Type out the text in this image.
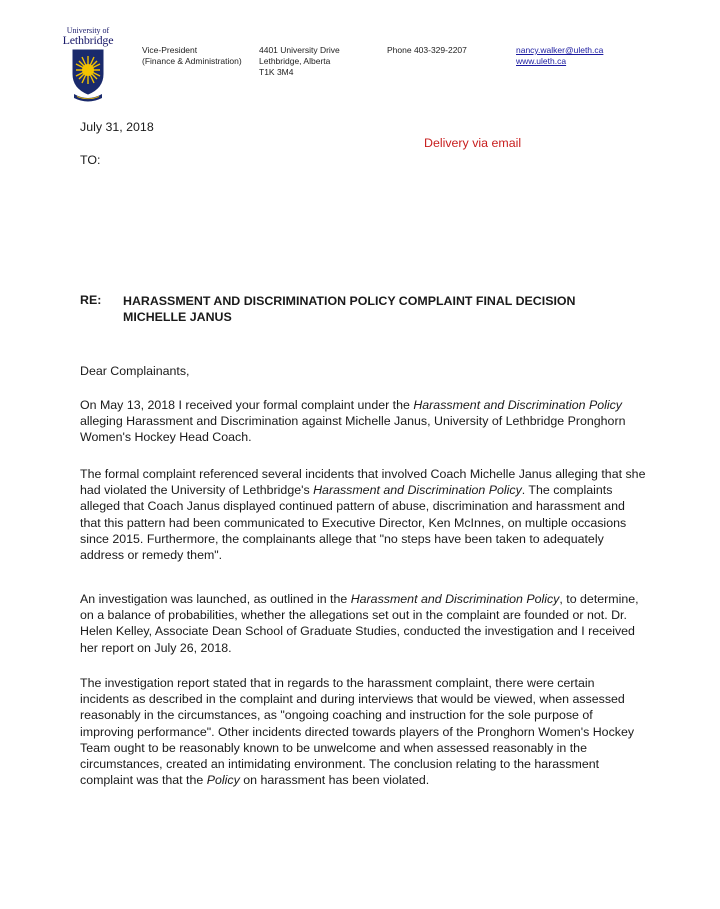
University of
Lethbridge
Vice-President
(Finance & Administration)
4401 University Drive
Lethbridge, Alberta
T1K 3M4
Phone 403-329-2207	nancy.walker@uleth.ca
www.uleth.ca
July 31, 2018
Delivery via email
TO:
RE: HARASSMENT AND DISCRIMINATION POLICY COMPLAINT FINAL DECISION
MICHELLE JANUS
Dear Complainants,
On May 13, 2018 I received your formal complaint under the Harassment and Discrimination Policy alleging Harassment and Discrimination against Michelle Janus, University of Lethbridge Pronghorn Women's Hockey Head Coach.
The formal complaint referenced several incidents that involved Coach Michelle Janus alleging that she had violated the University of Lethbridge's Harassment and Discrimination Policy. The complaints alleged that Coach Janus displayed continued pattern of abuse, discrimination and harassment and that this pattern had been communicated to Executive Director, Ken McInnes, on multiple occasions since 2015. Furthermore, the complainants allege that "no steps have been taken to adequately address or remedy them".
An investigation was launched, as outlined in the Harassment and Discrimination Policy, to determine, on a balance of probabilities, whether the allegations set out in the complaint are founded or not. Dr. Helen Kelley, Associate Dean School of Graduate Studies, conducted the investigation and I received her report on July 26, 2018.
The investigation report stated that in regards to the harassment complaint, there were certain incidents as described in the complaint and during interviews that would be viewed, when assessed reasonably in the circumstances, as "ongoing coaching and instruction for the sole purpose of improving performance". Other incidents directed towards players of the Pronghorn Women's Hockey Team ought to be reasonably known to be unwelcome and when assessed reasonably in the circumstances, created an intimidating environment. The conclusion relating to the harassment complaint was that the Policy on harassment has been violated.
